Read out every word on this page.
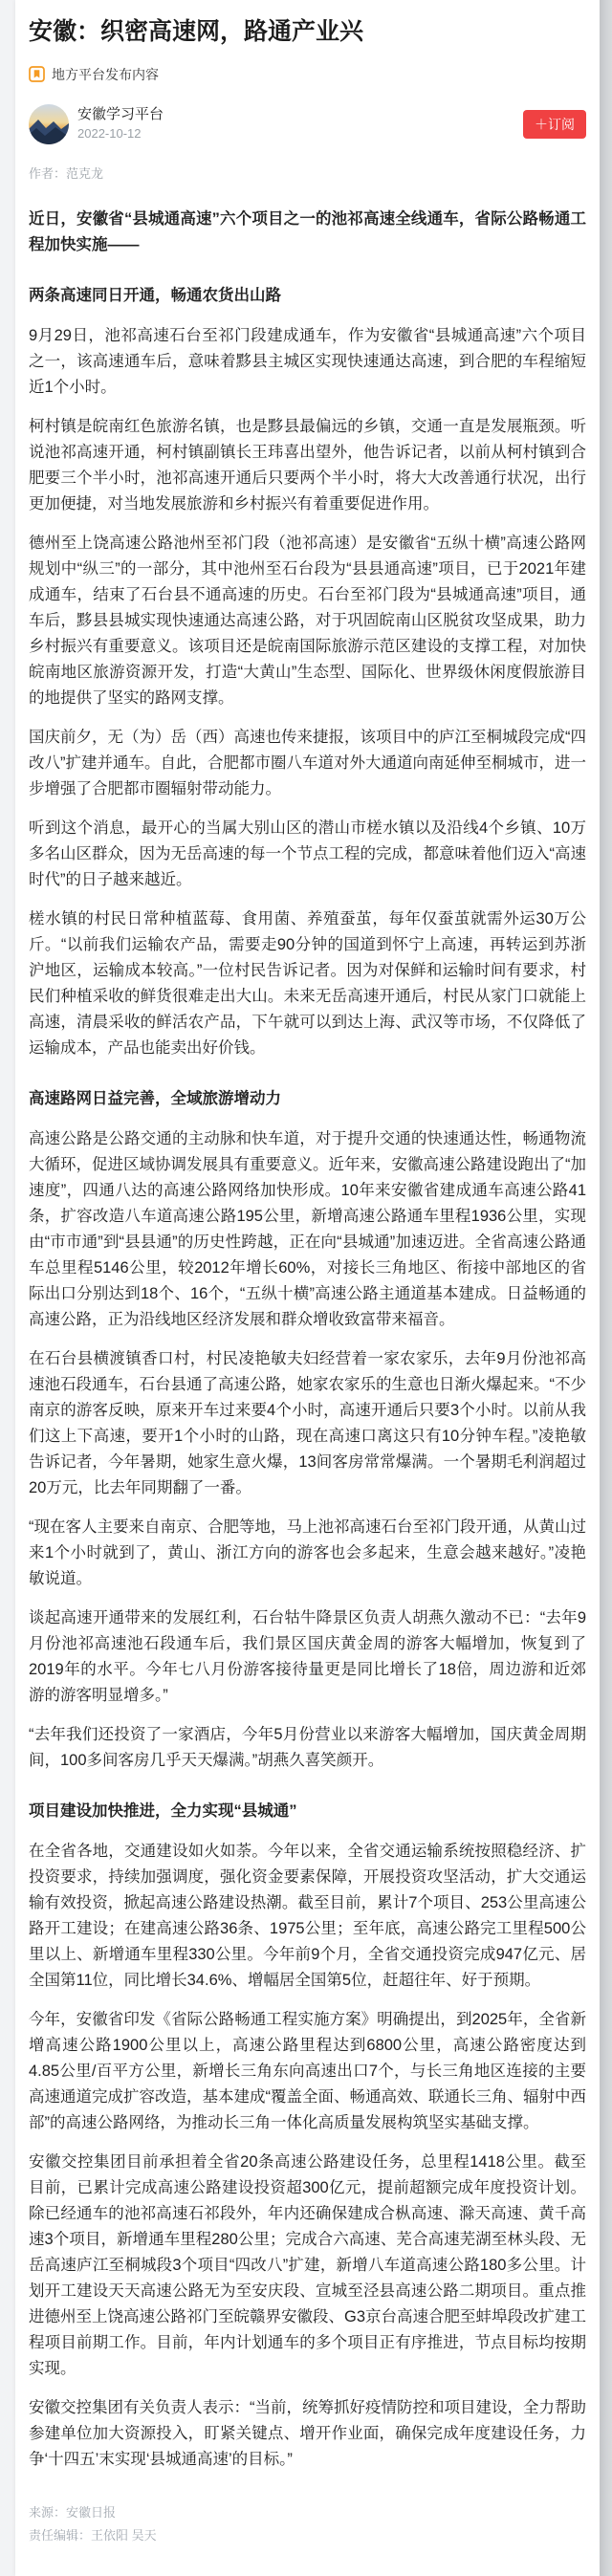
安徽：织密高速网，路通产业兴
地方平台发布内容
安徽学习平台
2022-10-12
＋订阅
作者：范克龙
近日，安徽省“县城通高速”六个项目之一的池祁高速全线通车，省际公路畅通工程加快实施——
两条高速同日开通，畅通农货出山路
9月29日，池祁高速石台至祁门段建成通车，作为安徽省“县城通高速”六个项目之一，该高速通车后，意味着黟县主城区实现快速通达高速，到合肥的车程缩短近1个小时。
柯村镇是皖南红色旅游名镇，也是黟县最偏远的乡镇，交通一直是发展瓶颈。听说池祁高速开通，柯村镇副镇长王玮喜出望外，他告诉记者，以前从柯村镇到合肥要三个半小时，池祁高速开通后只要两个半小时，将大大改善通行状况，出行更加便捷，对当地发展旅游和乡村振兴有着重要促进作用。
德州至上饶高速公路池州至祁门段（池祁高速）是安徽省“五纵十横”高速公路网规划中“纵三”的一部分，其中池州至石台段为“县县通高速”项目，已于2021年建成通车，结束了石台县不通高速的历史。石台至祁门段为“县城通高速”项目，通车后，黟县县城实现快速通达高速公路，对于巩固皖南山区脱贫攻坚成果，助力乡村振兴有重要意义。该项目还是皖南国际旅游示范区建设的支撑工程，对加快皖南地区旅游资源开发，打造“大黄山”生态型、国际化、世界级休闲度假旅游目的地提供了坚实的路网支撑。
国庆前夕，无（为）岳（西）高速也传来捷报，该项目中的庐江至桐城段完成“四改八”扩建并通车。自此，合肥都市圈八车道对外大通道向南延伸至桐城市，进一步增强了合肥都市圈辐射带动能力。
听到这个消息，最开心的当属大别山区的潜山市槎水镇以及沿线4个乡镇、10万多名山区群众，因为无岳高速的每一个节点工程的完成，都意味着他们迈入“高速时代”的日子越来越近。
槎水镇的村民日常种植蓝莓、食用菌、养殖蚕茧，每年仅蚕茧就需外运30万公斤。“以前我们运输农产品，需要走90分钟的国道到怀宁上高速，再转运到苏浙沪地区，运输成本较高。”一位村民告诉记者。因为对保鲜和运输时间有要求，村民们种植采收的鲜货很难走出大山。未来无岳高速开通后，村民从家门口就能上高速，清晨采收的鲜活农产品，下午就可以到达上海、武汉等市场，不仅降低了运输成本，产品也能卖出好价钱。
高速路网日益完善，全域旅游增动力
高速公路是公路交通的主动脉和快车道，对于提升交通的快速通达性，畅通物流大循环，促进区域协调发展具有重要意义。近年来，安徽高速公路建设跑出了“加速度”，四通八达的高速公路网络加快形成。10年来安徽省建成通车高速公路41条，扩容改造八车道高速公路195公里，新增高速公路通车里程1936公里，实现由“市市通”到“县县通”的历史性跨越，正在向“县城通”加速迈进。全省高速公路通车总里程5146公里，较2012年增长60%，对接长三角地区、衔接中部地区的省际出口分别达到18个、16个，“五纵十横”高速公路主通道基本建成。日益畅通的高速公路，正为沿线地区经济发展和群众增收致富带来福音。
在石台县横渡镇香口村，村民凌艳敏夫妇经营着一家农家乐，去年9月份池祁高速池石段通车，石台县通了高速公路，她家农家乐的生意也日渐火爆起来。“不少南京的游客反映，原来开车过来要4个小时，高速开通后只要3个小时。以前从我们这上下高速，要开1个小时的山路，现在高速口离这只有10分钟车程。”凌艳敏告诉记者，今年暑期，她家生意火爆，13间客房常常爆满。一个暑期毛利润超过20万元，比去年同期翻了一番。
“现在客人主要来自南京、合肥等地，马上池祁高速石台至祁门段开通，从黄山过来1个小时就到了，黄山、浙江方向的游客也会多起来，生意会越来越好。”凌艳敏说道。
谈起高速开通带来的发展红利，石台牯牛降景区负责人胡燕久激动不已：“去年9月份池祁高速池石段通车后，我们景区国庆黄金周的游客大幅增加，恢复到了2019年的水平。今年七八月份游客接待量更是同比增长了18倍，周边游和近郊游的游客明显增多。”
“去年我们还投资了一家酒店，今年5月份营业以来游客大幅增加，国庆黄金周期间，100多间客房几乎天天爆满。”胡燕久喜笑颜开。
项目建设加快推进，全力实现“县城通”
在全省各地，交通建设如火如荼。今年以来，全省交通运输系统按照稳经济、扩投资要求，持续加强调度，强化资金要素保障，开展投资攻坚活动，扩大交通运输有效投资，掀起高速公路建设热潮。截至目前，累计7个项目、253公里高速公路开工建设；在建高速公路36条、1975公里；至年底，高速公路完工里程500公里以上、新增通车里程330公里。今年前9个月，全省交通投资完成947亿元、居全国第11位，同比增长34.6%、增幅居全国第5位，赶超往年、好于预期。
今年，安徽省印发《省际公路畅通工程实施方案》明确提出，到2025年，全省新增高速公路1900公里以上，高速公路里程达到6800公里，高速公路密度达到4.85公里/百平方公里，新增长三角东向高速出口7个，与长三角地区连接的主要高速通道完成扩容改造，基本建成“覆盖全面、畅通高效、联通长三角、辐射中西部”的高速公路网络，为推动长三角一体化高质量发展构筑坚实基础支撑。
安徽交控集团目前承担着全省20条高速公路建设任务，总里程1418公里。截至目前，已累计完成高速公路建设投资超300亿元，提前超额完成年度投资计划。除已经通车的池祁高速石祁段外，年内还确保建成合枞高速、滁天高速、黄千高速3个项目，新增通车里程280公里；完成合六高速、芜合高速芜湖至林头段、无岳高速庐江至桐城段3个项目“四改八”扩建，新增八车道高速公路180多公里。计划开工建设天天高速公路无为至安庆段、宣城至泾县高速公路二期项目。重点推进德州至上饶高速公路祁门至皖赣界安徽段、G3京台高速合肥至蚌埠段改扩建工程项目前期工作。目前，年内计划通车的多个项目正有序推进，节点目标均按期实现。
安徽交控集团有关负责人表示：“当前，统筹抓好疫情防控和项目建设，全力帮助参建单位加大资源投入，盯紧关键点、增开作业面，确保完成年度建设任务，力争‘十四五’末实现‘县城通高速’的目标。”
来源：安徽日报
责任编辑：王依阳 吴天
